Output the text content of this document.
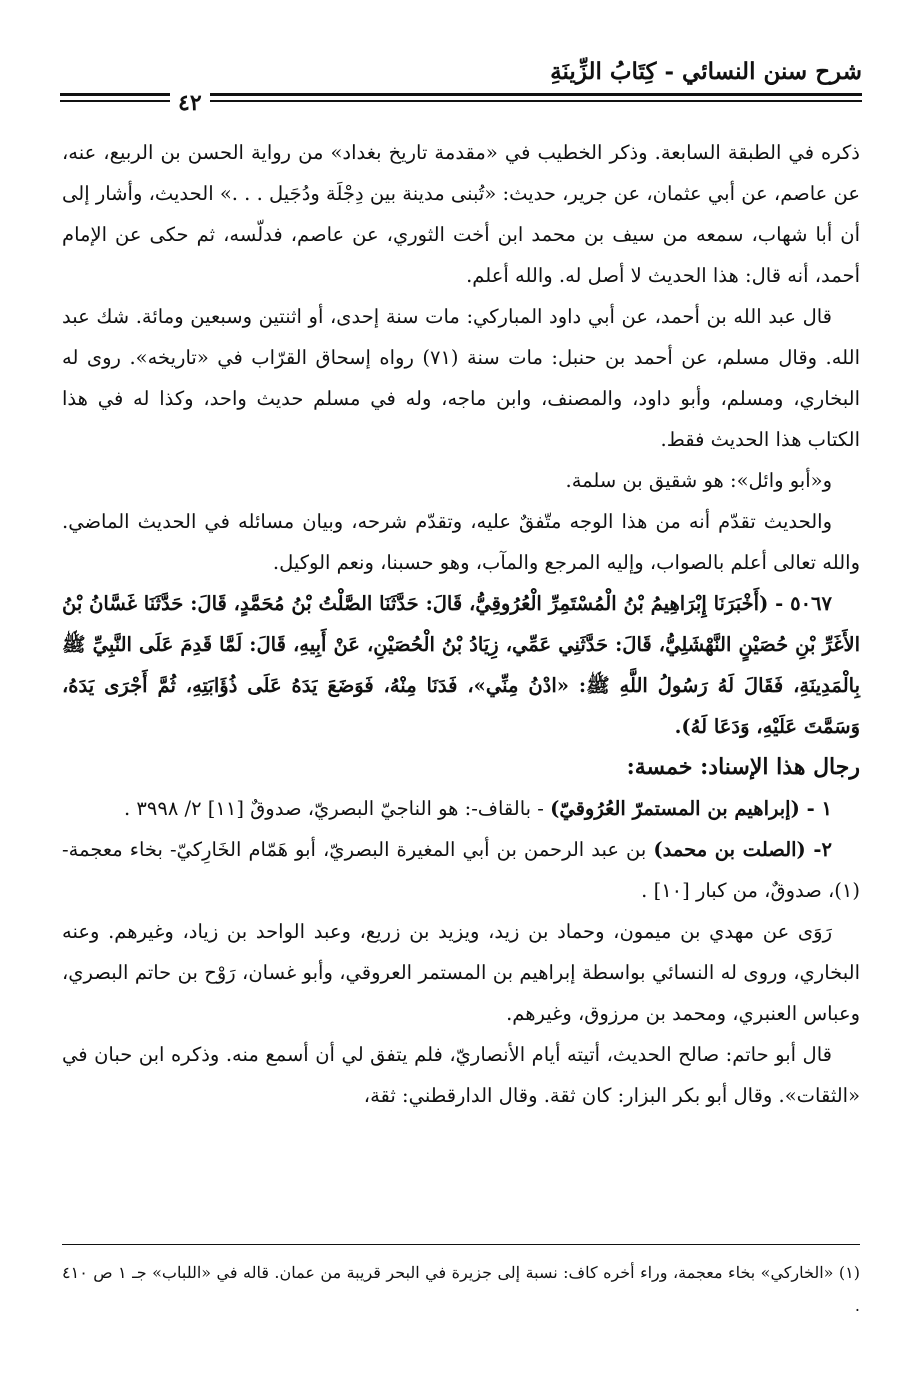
شرح سنن النسائي - كِتَابُ الزِّينَةِ
٤٢

ذكره في الطبقة السابعة. وذكر الخطيب في «مقدمة تاريخ بغداد» من رواية الحسن بن الربيع، عنه، عن عاصم، عن أبي عثمان، عن جرير، حديث: «تُبنى مدينة بين دِجْلَة ودُجَيل . . .» الحديث، وأشار إلى أن أبا شهاب، سمعه من سيف بن محمد ابن أخت الثوري، عن عاصم، فدلّسه، ثم حكى عن الإمام أحمد، أنه قال: هذا الحديث لا أصل له. والله أعلم.

قال عبد الله بن أحمد، عن أبي داود المباركي: مات سنة إحدى، أو اثنتين وسبعين ومائة. شك عبد الله. وقال مسلم، عن أحمد بن حنبل: مات سنة (٧١) رواه إسحاق القرّاب في «تاريخه». روى له البخاري، ومسلم، وأبو داود، والمصنف، وابن ماجه، وله في مسلم حديث واحد، وكذا له في هذا الكتاب هذا الحديث فقط.

و«أبو وائل»: هو شقيق بن سلمة.

والحديث تقدّم أنه من هذا الوجه متّفقٌ عليه، وتقدّم شرحه، وبيان مسائله في الحديث الماضي. والله تعالى أعلم بالصواب، وإليه المرجع والمآب، وهو حسبنا، ونعم الوكيل.

٥٠٦٧ - (أَخْبَرَنَا إِبْرَاهِيمُ بْنُ الْمُسْتَمِرِّ الْعُرُوقِيُّ، قَالَ: حَدَّثَنَا الصَّلْتُ بْنُ مُحَمَّدٍ، قَالَ: حَدَّثَنَا غَسَّانُ بْنُ الأَغَرِّ بْنِ حُصَيْنٍ النَّهْشَلِيُّ، قَالَ: حَدَّثَنِي عَمِّي، زِيَادُ بْنُ الْحُصَيْنِ، عَنْ أَبِيهِ، قَالَ: لَمَّا قَدِمَ عَلَى النَّبِيِّ ﷺ بِالْمَدِينَةِ، فَقَالَ لَهُ رَسُولُ اللَّهِ ﷺ: «ادْنُ مِنِّي»، فَدَنَا مِنْهُ، فَوَضَعَ يَدَهُ عَلَى ذُؤَابَتِهِ، ثُمَّ أَجْرَى يَدَهُ، وَسَمَّتَ عَلَيْهِ، وَدَعَا لَهُ).

رجال هذا الإسناد: خمسة:

١ - (إبراهيم بن المستمرّ العُرُوقيّ) - بالقاف-: هو الناجيّ البصريّ، صدوقٌ [١١] ٢/ ٣٩٩٨ .

٢- (الصلت بن محمد) بن عبد الرحمن بن أبي المغيرة البصريّ، أبو هَمّام الخَارِكيّ- بخاء معجمة-(١)، صدوقٌ، من كبار [١٠] .

رَوَى عن مهدي بن ميمون، وحماد بن زيد، ويزيد بن زريع، وعبد الواحد بن زياد، وغيرهم. وعنه البخاري، وروى له النسائي بواسطة إبراهيم بن المستمر العروقي، وأبو غسان، رَوْح بن حاتم البصري، وعباس العنبري، ومحمد بن مرزوق، وغيرهم.

قال أبو حاتم: صالح الحديث، أتيته أيام الأنصاريّ، فلم يتفق لي أن أسمع منه. وذكره ابن حبان في «الثقات». وقال أبو بكر البزار: كان ثقة. وقال الدارقطني: ثقة،

(١) «الخاركي» بخاء معجمة، وراء أخره كاف: نسبة إلى جزيرة في البحر قريبة من عمان. قاله في «اللباب» جـ ١ ص ٤١٠ .
